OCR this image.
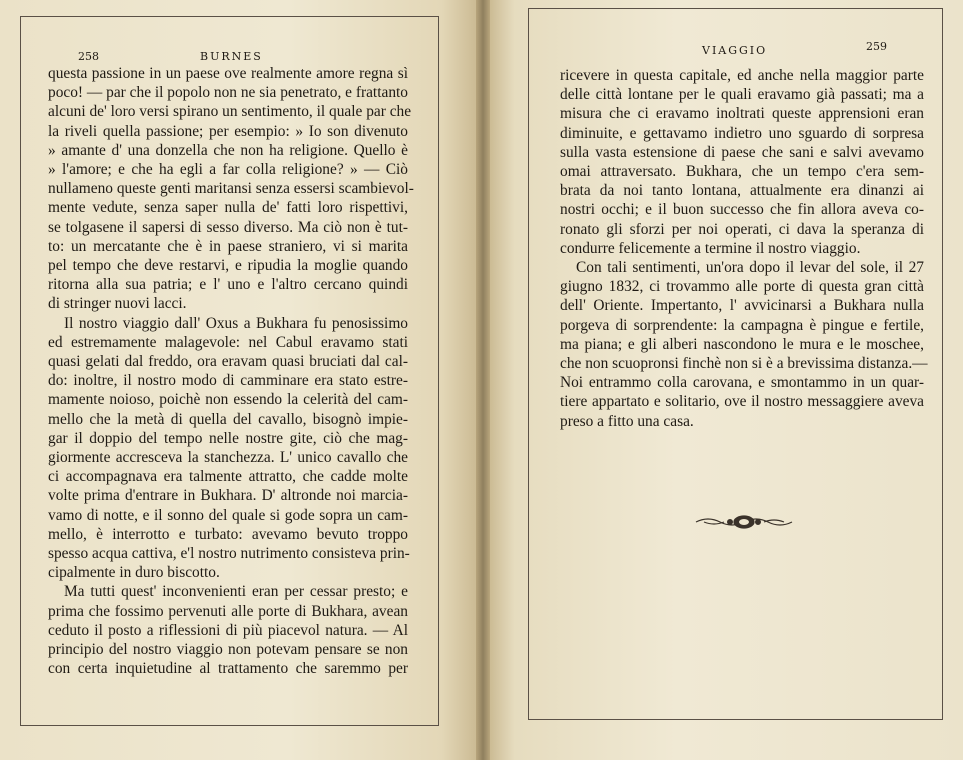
258	BURNES	VIAGGIO	259
questa passione in un paese ove realmente amore regna sì
poco! — par che il popolo non ne sia penetrato, e frattanto
alcuni de' loro versi spirano un sentimento, il quale par che
la riveli quella passione; per esempio: » Io son divenuto
» amante d' una donzella che non ha religione. Quello è
» l'amore; e che ha egli a far colla religione? » — Ciò
nullameno queste genti maritansi senza essersi scambievol-
mente vedute, senza saper nulla de' fatti loro rispettivi,
se tolgasene il sapersi di sesso diverso. Ma ciò non è tut-
to: un mercatante che è in paese straniero, vi si marita
pel tempo che deve restarvi, e ripudia la moglie quando
ritorna alla sua patria; e l' uno e l'altro cercano quindi
di stringer nuovi lacci.
Il nostro viaggio dall' Oxus a Bukhara fu penosissimo
ed estremamente malagevole: nel Cabul eravamo stati
quasi gelati dal freddo, ora eravam quasi bruciati dal cal-
do: inoltre, il nostro modo di camminare era stato estre-
mamente noioso, poichè non essendo la celerità del cam-
mello che la metà di quella del cavallo, bisognò impie-
gar il doppio del tempo nelle nostre gite, ciò che mag-
giormente accresceva la stanchezza. L' unico cavallo che
ci accompagnava era talmente attratto, che cadde molte
volte prima d'entrare in Bukhara. D' altronde noi marcia-
vamo di notte, e il sonno del quale si gode sopra un cam-
mello, è interrotto e turbato: avevamo bevuto troppo
spesso acqua cattiva, e'l nostro nutrimento consisteva prin-
cipalmente in duro biscotto.
Ma tutti quest' inconvenienti eran per cessar presto; e
prima che fossimo pervenuti alle porte di Bukhara, avean
ceduto il posto a riflessioni di più piacevol natura. — Al
principio del nostro viaggio non potevam pensare se non
con certa inquietudine al trattamento che saremmo per
ricevere in questa capitale, ed anche nella maggior parte
delle città lontane per le quali eravamo già passati; ma a
misura che ci eravamo inoltrati queste apprensioni eran
diminuite, e gettavamo indietro uno sguardo di sorpresa
sulla vasta estensione di paese che sani e salvi avevamo
omai attraversato. Bukhara, che un tempo c'era sem-
brata da noi tanto lontana, attualmente era dinanzi ai
nostri occhi; e il buon successo che fin allora aveva co-
ronato gli sforzi per noi operati, ci dava la speranza di
condurre felicemente a termine il nostro viaggio.
Con tali sentimenti, un'ora dopo il levar del sole, il 27
giugno 1832, ci trovammo alle porte di questa gran città
dell' Oriente. Impertanto, l' avvicinarsi a Bukhara nulla
porgeva di sorprendente: la campagna è pingue e fertile,
ma piana; e gli alberi nascondono le mura e le moschee,
che non scuopronsi finchè non si è a brevissima distanza.—
Noi entrammo colla carovana, e smontammo in un quar-
tiere appartato e solitario, ove il nostro messaggiere aveva
preso a fitto una casa.
